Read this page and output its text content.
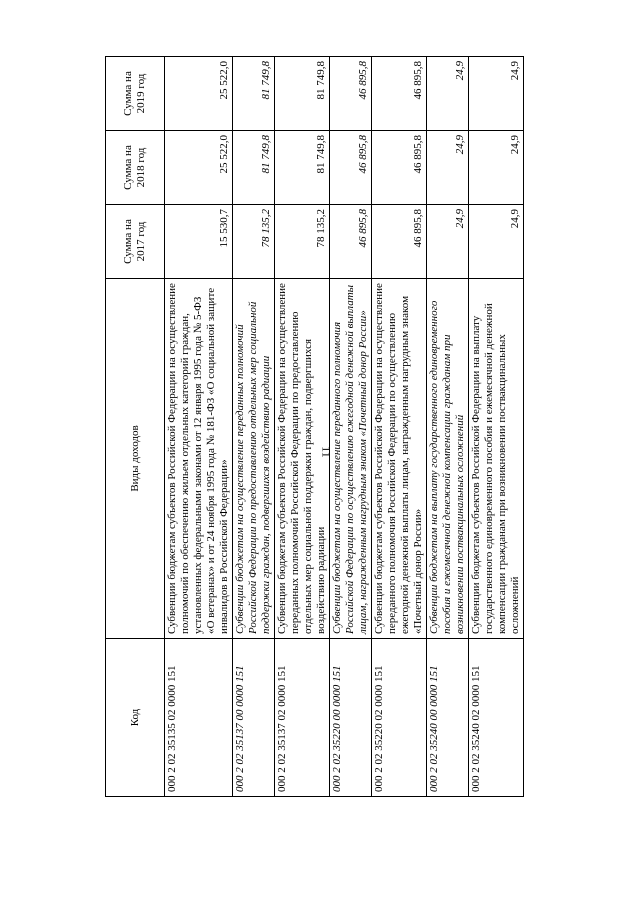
11
Код	Виды доходов	Сумма на 2017 год	Сумма на 2018 год	Сумма на 2019 год
000 2 02 35135 02 0000 151	Субвенции бюджетам субъектов Российской Федерации на осуществление полномочий по обеспечению жильем отдельных категорий граждан, установленных федеральными законами от 12 января 1995 года № 5-ФЗ «О ветеранах» и от 24 ноября 1995 года № 181-ФЗ «О социальной защите инвалидов в Российской Федерации»	15 530,7	25 522,0	25 522,0
000 2 02 35137 00 0000 151	Субвенции бюджетам на осуществление переданных полномочий Российской Федерации по предоставлению отдельных мер социальной поддержки граждан, подвергшихся воздействию радиации	78 135,2	81 749,8	81 749,8
000 2 02 35137 02 0000 151	Субвенции бюджетам субъектов Российской Федерации на осуществление переданных полномочий Российской Федерации по предоставлению отдельных мер социальной поддержки граждан, подвергшихся воздействию радиации	78 135,2	81 749,8	81 749,8
000 2 02 35220 00 0000 151	Субвенции бюджетам на осуществление переданного полномочия Российской Федерации по осуществлению ежегодной денежной выплаты лицам, награжденным нагрудным знаком «Почетный донор России»	46 895,8	46 895,8	46 895,8
000 2 02 35220 02 0000 151	Субвенции бюджетам субъектов Российской Федерации на осуществление переданного полномочия Российской Федерации по осуществлению ежегодной денежной выплаты лицам, награжденным нагрудным знаком «Почетный донор России»	46 895,8	46 895,8	46 895,8
000 2 02 35240 00 0000 151	Субвенции бюджетам на выплату государственного единовременного пособия и ежемесячной денежной компенсации гражданам при возникновении поствакцинальных осложнений	24,9	24,9	24,9
000 2 02 35240 02 0000 151	Субвенции бюджетам субъектов Российской Федерации на выплату государственного единовременного пособия и ежемесячной денежной компенсации гражданам при возникновении поствакцинальных осложнений	24,9	24,9	24,9
